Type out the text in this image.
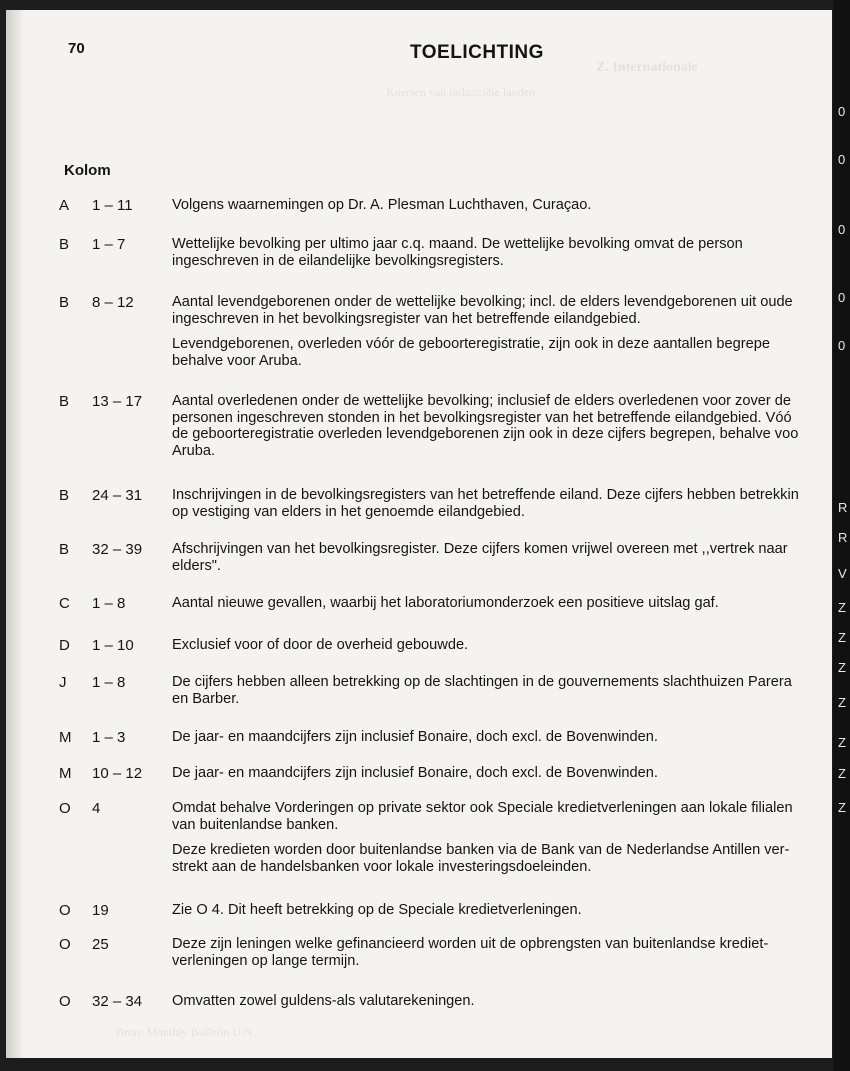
Koersen van industriële landen
Z. Internationale
Bron: Monthly Bulletin U.N
70	TOELICHTING
Kolom
A	1 – 11	Volgens waarnemingen op Dr. A. Plesman Luchthaven, Curaçao.
B	1 – 7	Wettelijke bevolking per ultimo jaar c.q. maand. De wettelijke bevolking omvat de person
ingeschreven in de eilandelijke bevolkingsregisters.
B	8 – 12	Aantal levendgeborenen onder de wettelijke bevolking; incl. de elders levendgeborenen uit oude
ingeschreven in het bevolkingsregister van het betreffende eilandgebied.
Levendgeborenen, overleden vóór de geboorteregistratie, zijn ook in deze aantallen begrepe
behalve voor Aruba.
B	13 – 17 Aantal overledenen onder de wettelijke bevolking; inclusief de elders overledenen voor zover de
personen ingeschreven stonden in het bevolkingsregister van het betreffende eilandgebied. Vóó
de geboorteregistratie overleden levendgeborenen zijn ook in deze cijfers begrepen, behalve voo
Aruba.
B	24 – 31 Inschrijvingen in de bevolkingsregisters van het betreffende eiland. Deze cijfers hebben betrekkin
op vestiging van elders in het genoemde eilandgebied.
B	32 – 39 Afschrijvingen van het bevolkingsregister. Deze cijfers komen vrijwel overeen met ,,vertrek naar
elders".
C	1 – 8	Aantal nieuwe gevallen, waarbij het laboratoriumonderzoek een positieve uitslag gaf.
D	1 – 10	Exclusief voor of door de overheid gebouwde.
J	1 – 8	De cijfers hebben alleen betrekking op de slachtingen in de gouvernements slachthuizen Parera
en Barber.
M	1 – 3	De jaar- en maandcijfers zijn inclusief Bonaire, doch excl. de Bovenwinden.
M	10 – 12 De jaar- en maandcijfers zijn inclusief Bonaire, doch excl. de Bovenwinden.
O	4	Omdat behalve Vorderingen op private sektor ook Speciale kredietverleningen aan lokale filialen
van buitenlandse banken.
Deze kredieten worden door buitenlandse banken via de Bank van de Nederlandse Antillen ver-
strekt aan de handelsbanken voor lokale investeringsdoeleinden.
O	19	Zie O 4. Dit heeft betrekking op de Speciale kredietverleningen.
O	25	Deze zijn leningen welke gefinancieerd worden uit de opbrengsten van buitenlandse krediet-
verleningen op lange termijn.
O	32 – 34 Omvatten zowel guldens-als valutarekeningen.
0
0
0
0
0
R
R
V
Z
Z
Z
Z
Z
Z
Z
